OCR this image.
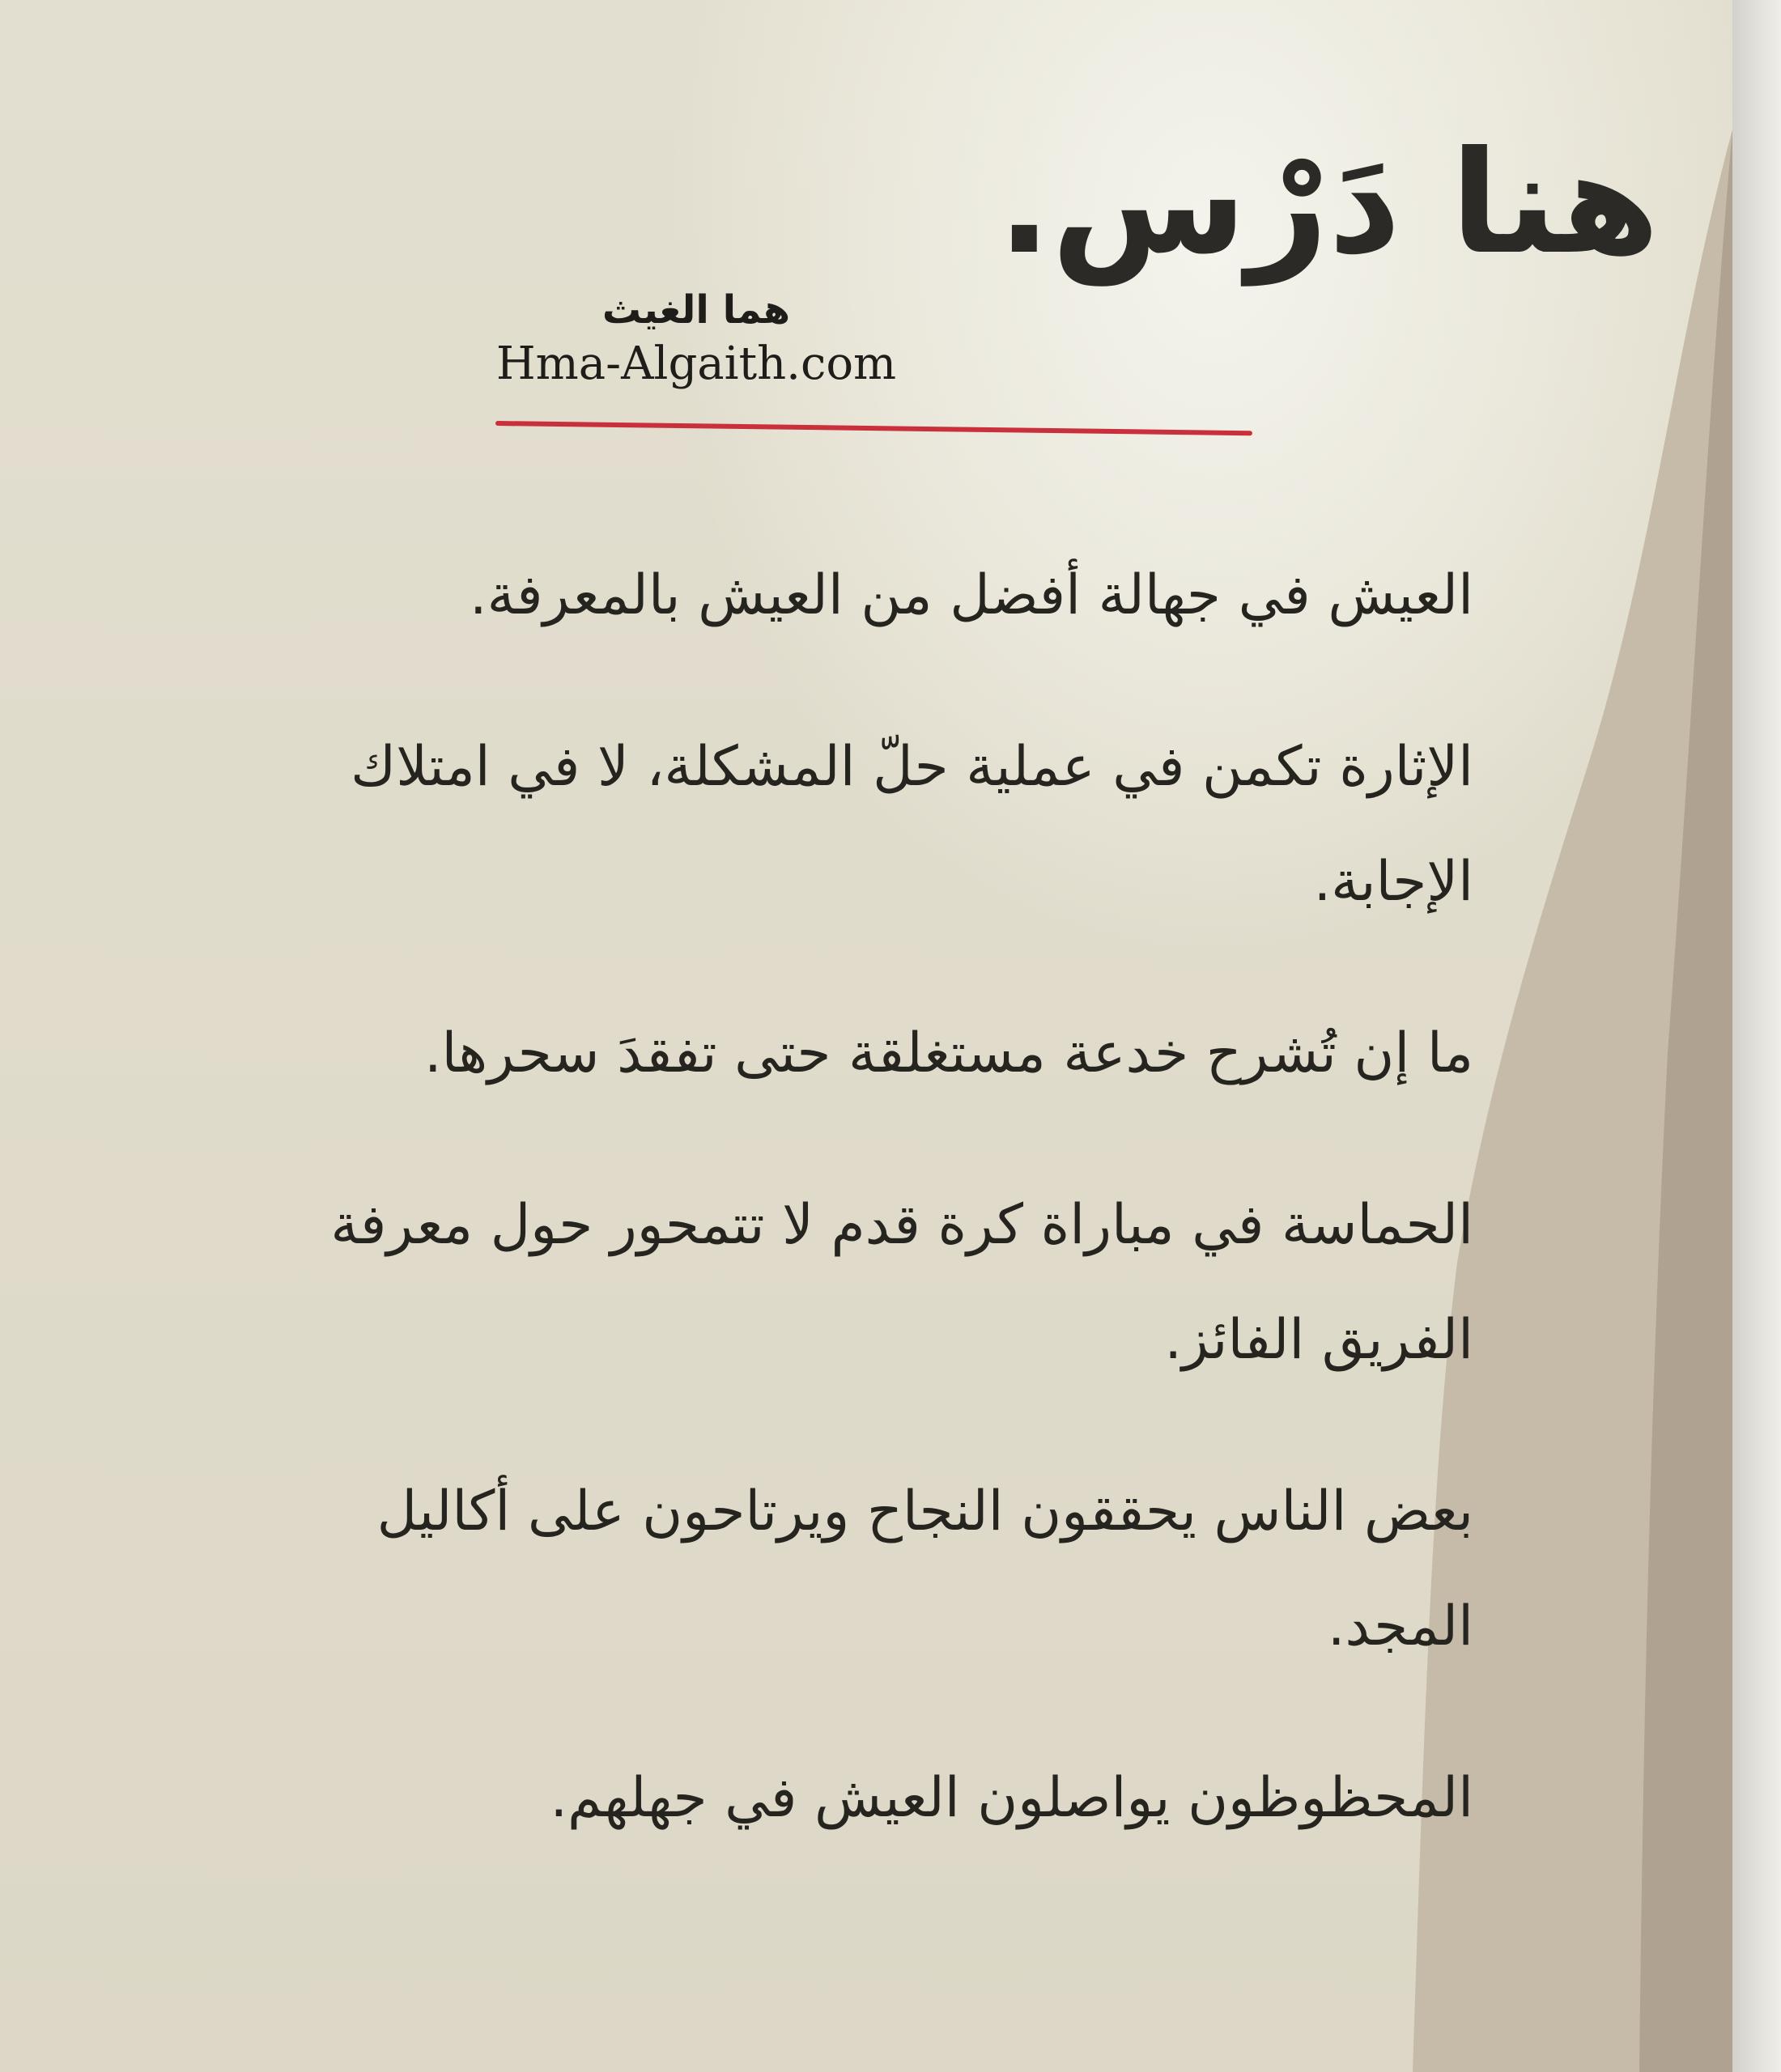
هنا دَرْس.
هما الغيث
Hma-Algaith.com

العيش في جهالة أفضل من العيش بالمعرفة.

الإثارة تكمن في عملية حلّ المشكلة، لا في امتلاك الإجابة.

ما إن تُشرح خدعة مستغلقة حتى تفقدَ سحرها.

الحماسة في مباراة كرة قدم لا تتمحور حول معرفة الفريق الفائز.

بعض الناس يحققون النجاح ويرتاحون على أكاليل المجد.

المحظوظون يواصلون العيش في جهلهم.
